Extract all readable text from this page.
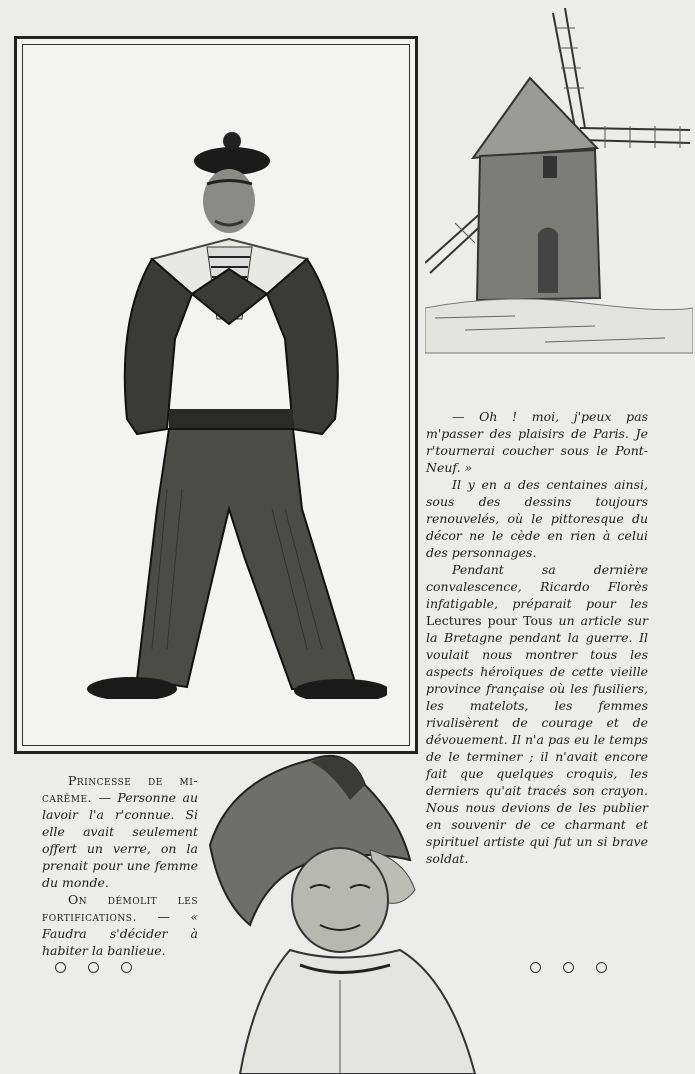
Princesse de mi-carême. — Personne au lavoir l'a r'connue. Si elle avait seulement offert un verre, on la prenait pour une femme du monde.

On démolit les fortifications. — « Faudra s'décider à habiter la banlieue.

— Oh ! moi, j'peux pas m'passer des plaisirs de Paris. Je r'tournerai coucher sous le Pont-Neuf. »

Il y en a des centaines ainsi, sous des dessins toujours renouvelés, où le pittoresque du décor ne le cède en rien à celui des personnages.

Pendant sa dernière convalescence, Ricardo Florès infatigable, préparait pour les Lectures pour Tous un article sur la Bretagne pendant la guerre. Il voulait nous montrer tous les aspects héroïques de cette vieille province française où les fusiliers, les matelots, les femmes rivalisèrent de courage et de dévouement. Il n'a pas eu le temps de le terminer ; il n'avait encore fait que quelques croquis, les derniers qu'ait tracés son crayon. Nous nous devions de les publier en souvenir de ce charmant et spirituel artiste qui fut un si brave soldat.
